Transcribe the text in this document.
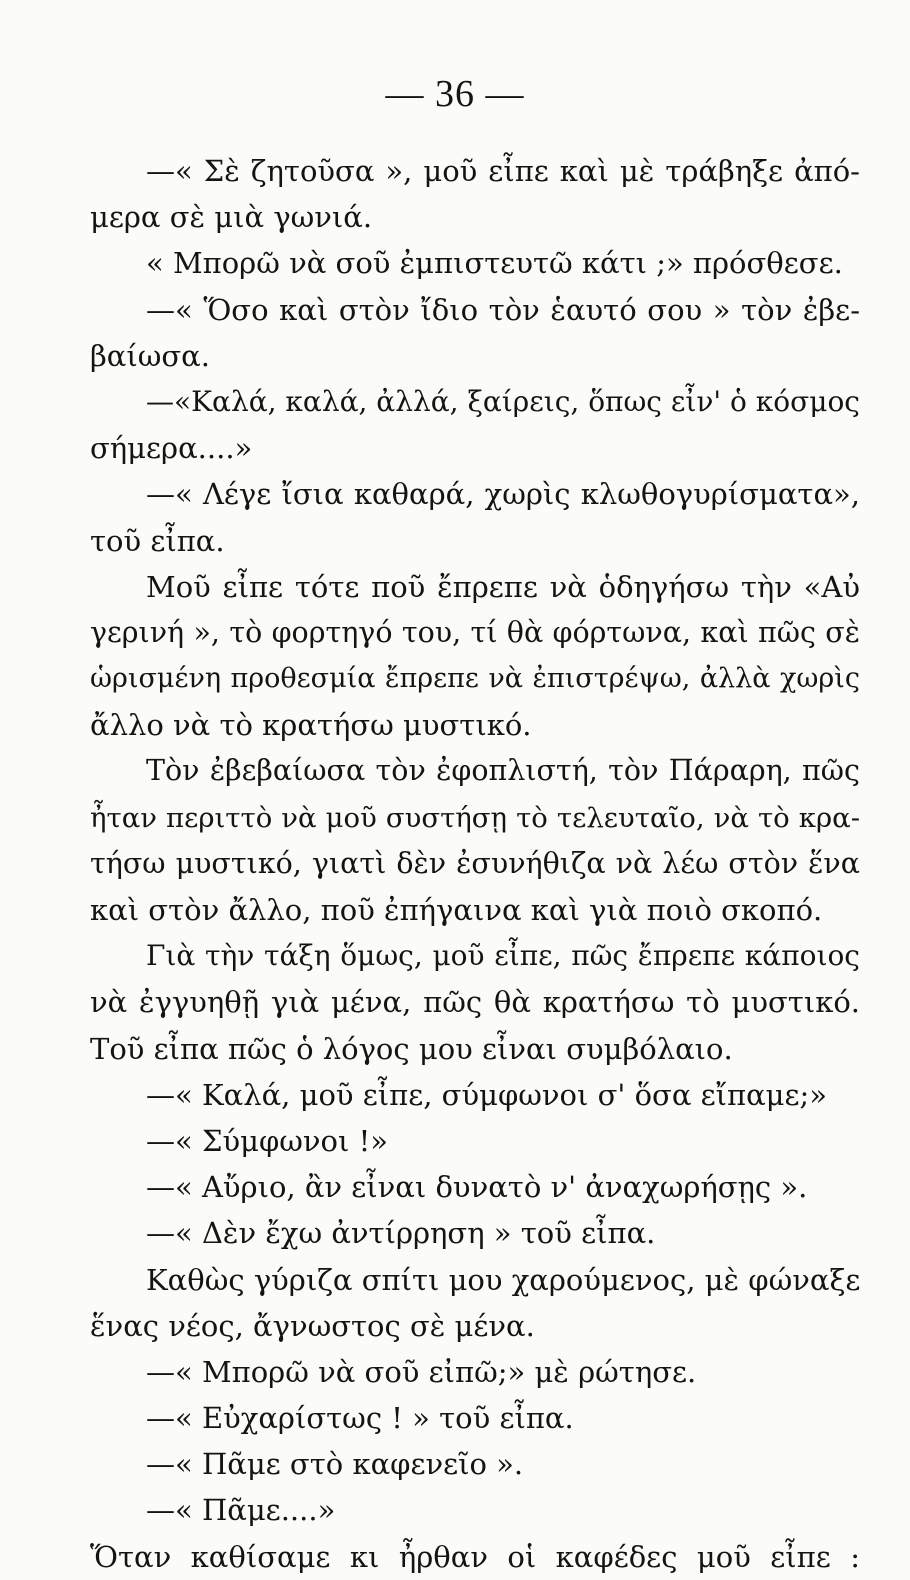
— 36 —
—« Σὲ ζητοῦσα », μοῦ εἶπε καὶ μὲ τράβηξε ἀπό-
μερα σὲ μιὰ γωνιά.
« Μπορῶ νὰ σοῦ ἐμπιστευτῶ κάτι ;» πρόσθεσε.
—« Ὅσο καὶ στὸν ἴδιο τὸν ἑαυτό σου » τὸν ἐβε-
βαίωσα.
—«Καλά, καλά, ἀλλά, ξαίρεις, ὅπως εἶν' ὁ κόσμος
σήμερα....»
—« Λέγε ἴσια καθαρά, χωρὶς κλωθογυρίσματα»,
τοῦ εἶπα.
Μοῦ εἶπε τότε ποῦ ἔπρεπε νὰ ὁδηγήσω τὴν «Αὐ
γερινή », τὸ φορτηγό του, τί θὰ φόρτωνα, καὶ πῶς σὲ
ὡρισμένη προθεσμία ἔπρεπε νὰ ἐπιστρέψω, ἀλλὰ χωρὶς
ἄλλο νὰ τὸ κρατήσω μυστικό.
Τὸν ἐβεβαίωσα τὸν ἐφοπλιστή, τὸν Πάραρη, πῶς
ἦταν περιττὸ νὰ μοῦ συστήσῃ τὸ τελευταῖο, νὰ τὸ κρα-
τήσω μυστικό, γιατὶ δὲν ἐσυνήθιζα νὰ λέω στὸν ἕνα
καὶ στὸν ἄλλο, ποῦ ἐπήγαινα καὶ γιὰ ποιὸ σκοπό.
Γιὰ τὴν τάξη ὅμως, μοῦ εἶπε, πῶς ἔπρεπε κάποιος
νὰ ἐγγυηθῇ γιὰ μένα, πῶς θὰ κρατήσω τὸ μυστικό.
Τοῦ εἶπα πῶς ὁ λόγος μου εἶναι συμβόλαιο.
—« Καλά, μοῦ εἶπε, σύμφωνοι σ' ὅσα εἴπαμε;»
—« Σύμφωνοι !»
—« Αὔριο, ἂν εἶναι δυνατὸ ν' ἀναχωρήσῃς ».
—« Δὲν ἔχω ἀντίρρηση » τοῦ εἶπα.
Καθὼς γύριζα σπίτι μου χαρούμενος, μὲ φώναξε
ἕνας νέος, ἄγνωστος σὲ μένα.
—« Μπορῶ νὰ σοῦ εἰπῶ;» μὲ ρώτησε.
—« Εὐχαρίστως ! » τοῦ εἶπα.
—« Πᾶμε στὸ καφενεῖο ».
—« Πᾶμε....»
Ὅταν καθίσαμε κι ἦρθαν οἱ καφέδες μοῦ εἶπε :
